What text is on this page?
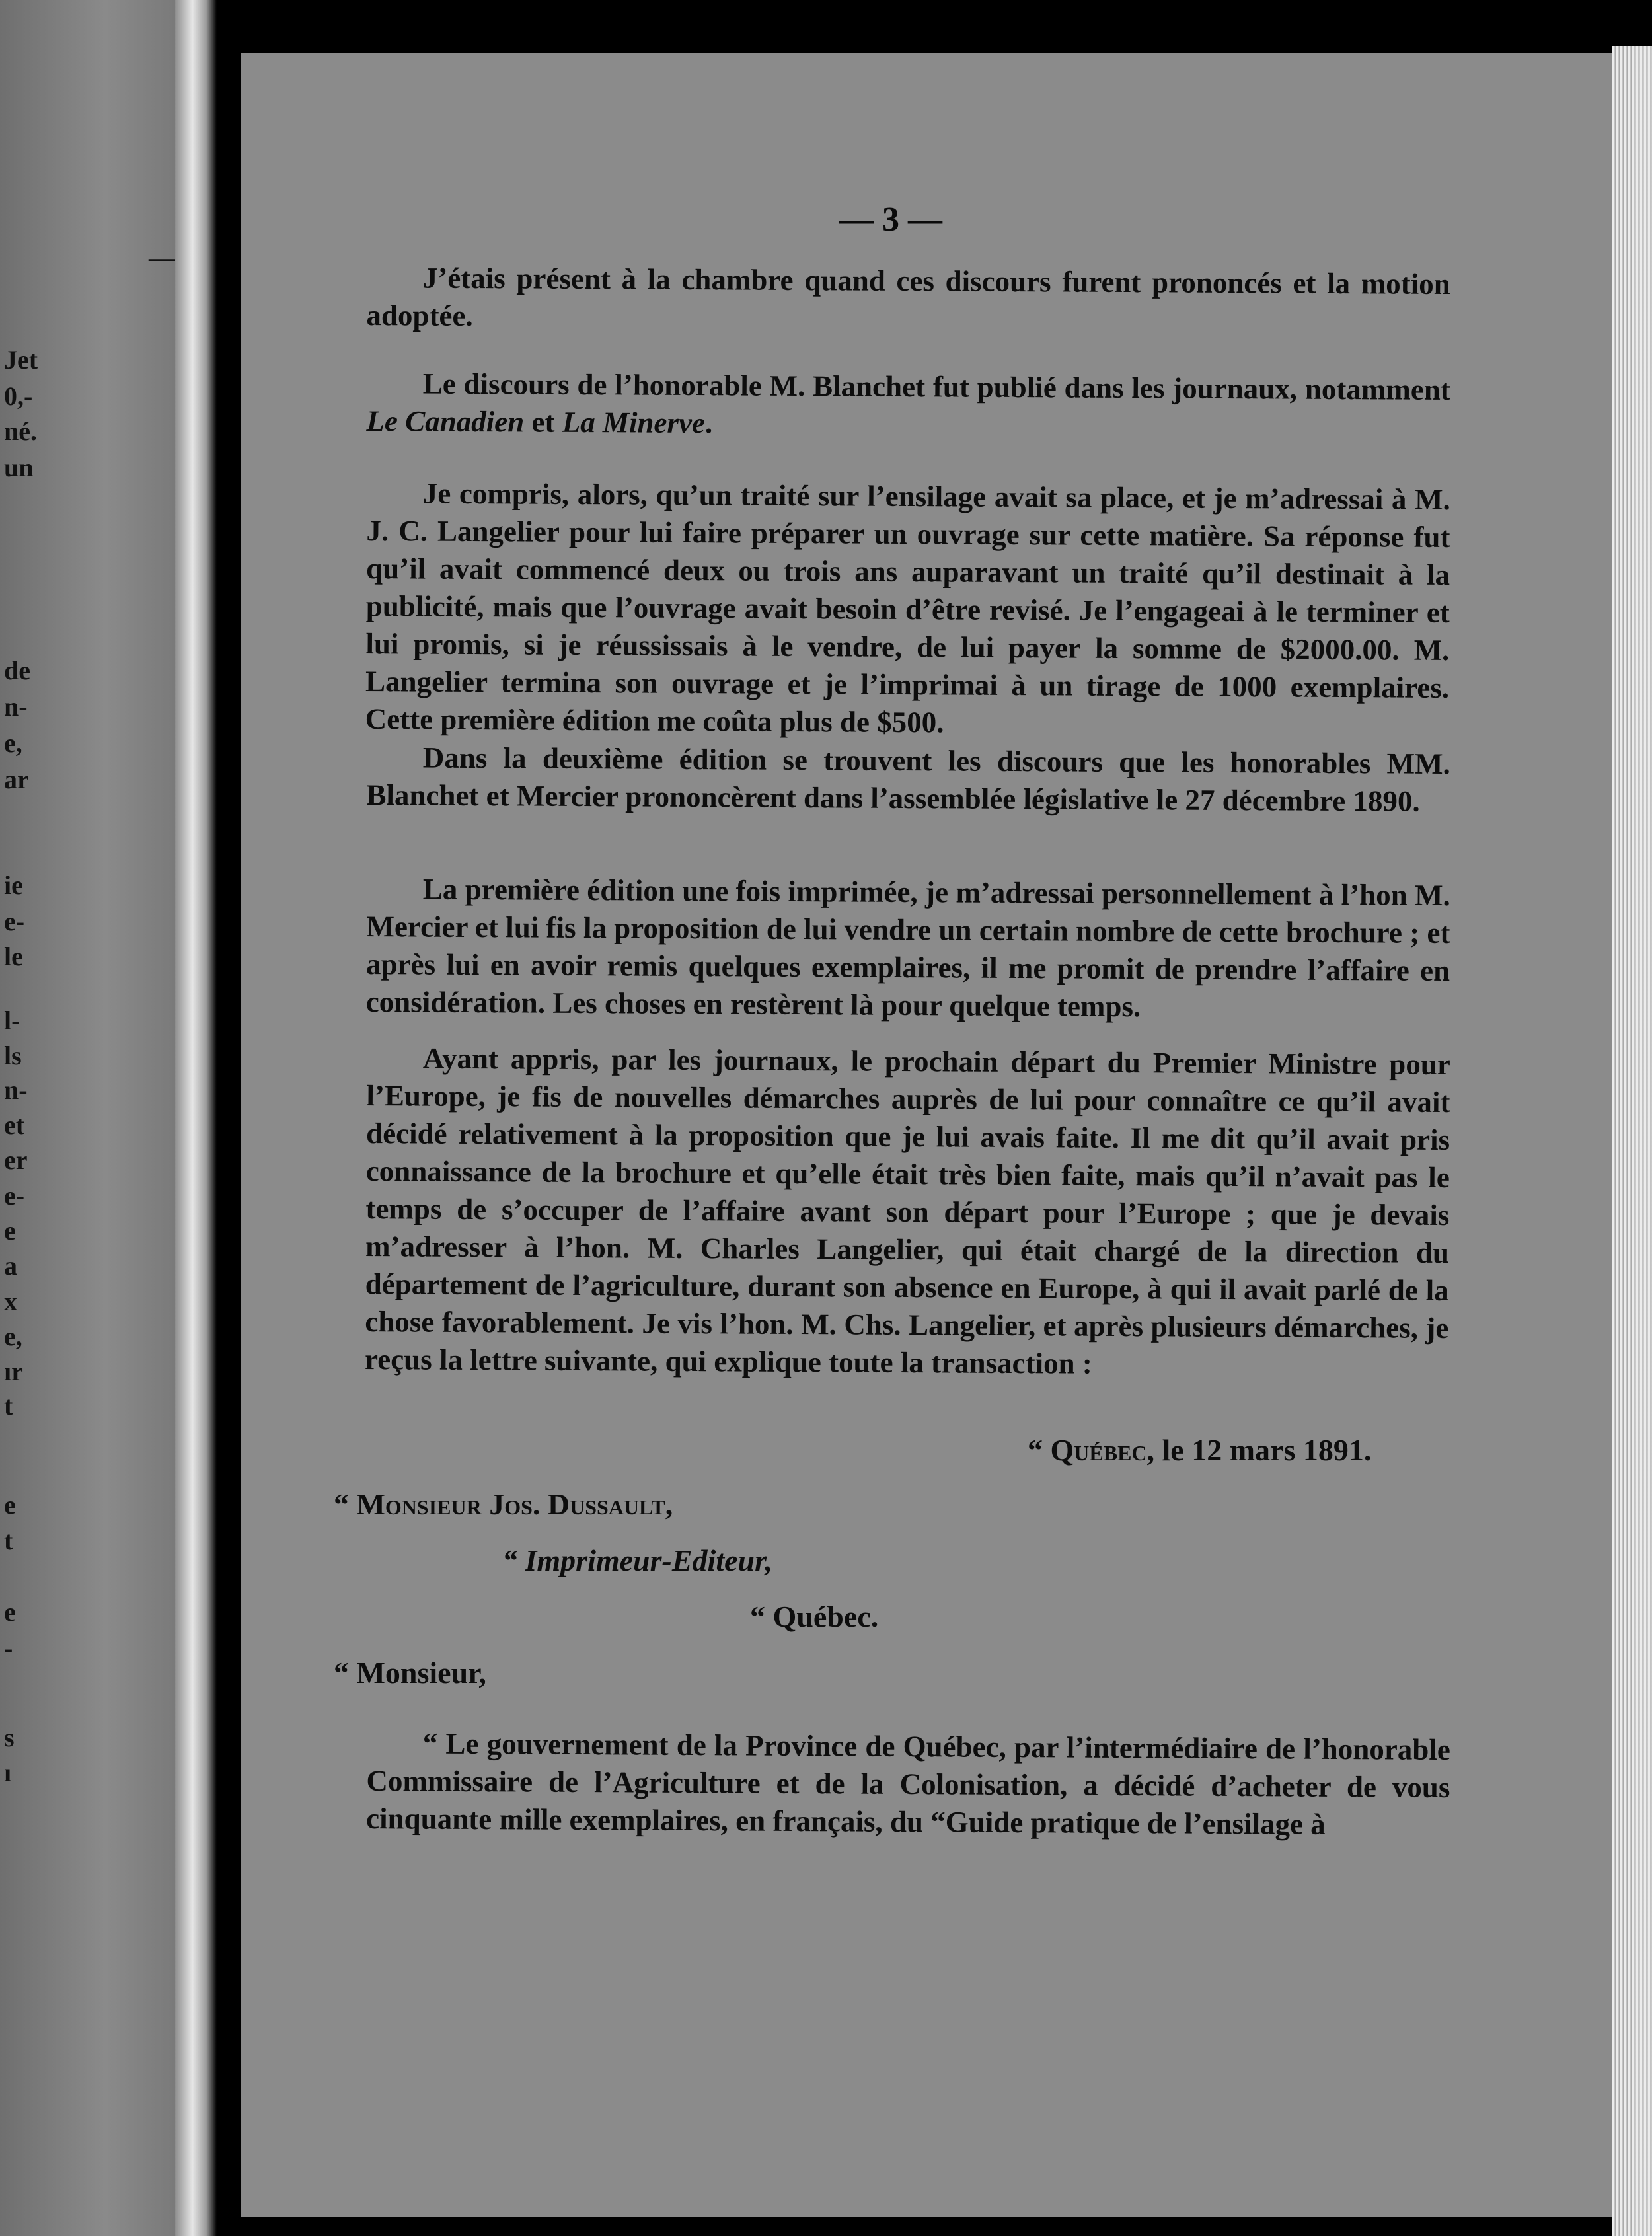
—
Jet
0,-
né.
un
de
n-
e,
ar
ie
e-
le
l-
ls
n-
et
er
e-
e
a
x
e,
ır
t
e
t
e
-
s
ı
— 3 —

J’étais présent à la chambre quand ces discours furent prononcés et la motion adoptée.

Le discours de l’honorable M. Blanchet fut publié dans les journaux, notamment Le Canadien et La Minerve.

Je compris, alors, qu’un traité sur l’ensilage avait sa place, et je m’adressai à M. J. C. Langelier pour lui faire préparer un ouvrage sur cette matière. Sa réponse fut qu’il avait commencé deux ou trois ans auparavant un traité qu’il destinait à la publicité, mais que l’ouvrage avait besoin d’être revisé. Je l’engageai à le terminer et lui promis, si je réussissais à le vendre, de lui payer la somme de $2000.00. M. Langelier termina son ouvrage et je l’imprimai à un tirage de 1000 exemplaires. Cette première édition me coûta plus de $500.

Dans la deuxième édition se trouvent les discours que les honorables MM. Blanchet et Mercier prononcèrent dans l’assemblée législative le 27 décembre 1890.

La première édition une fois imprimée, je m’adressai personnellement à l’hon M. Mercier et lui fis la proposition de lui vendre un certain nombre de cette brochure ; et après lui en avoir remis quelques exemplaires, il me promit de prendre l’affaire en considération. Les choses en restèrent là pour quelque temps.

Ayant appris, par les journaux, le prochain départ du Premier Ministre pour l’Europe, je fis de nouvelles démarches auprès de lui pour connaître ce qu’il avait décidé relativement à la proposition que je lui avais faite. Il me dit qu’il avait pris connaissance de la brochure et qu’elle était très bien faite, mais qu’il n’avait pas le temps de s’occuper de l’affaire avant son départ pour l’Europe ; que je devais m’adresser à l’hon. M. Charles Langelier, qui était chargé de la direction du département de l’agriculture, durant son absence en Europe, à qui il avait parlé de la chose favorablement. Je vis l’hon. M. Chs. Langelier, et après plusieurs démarches, je reçus la lettre suivante, qui explique toute la transaction :

“ Québec, le 12 mars 1891.
“ Monsieur Jos. Dussault,
“ Imprimeur-Editeur,
“ Québec.
“ Monsieur,

“ Le gouvernement de la Province de Québec, par l’intermédiaire de l’honorable Commissaire de l’Agriculture et de la Colonisation, a décidé d’acheter de vous cinquante mille exemplaires, en français, du “Guide pratique de l’ensilage à
